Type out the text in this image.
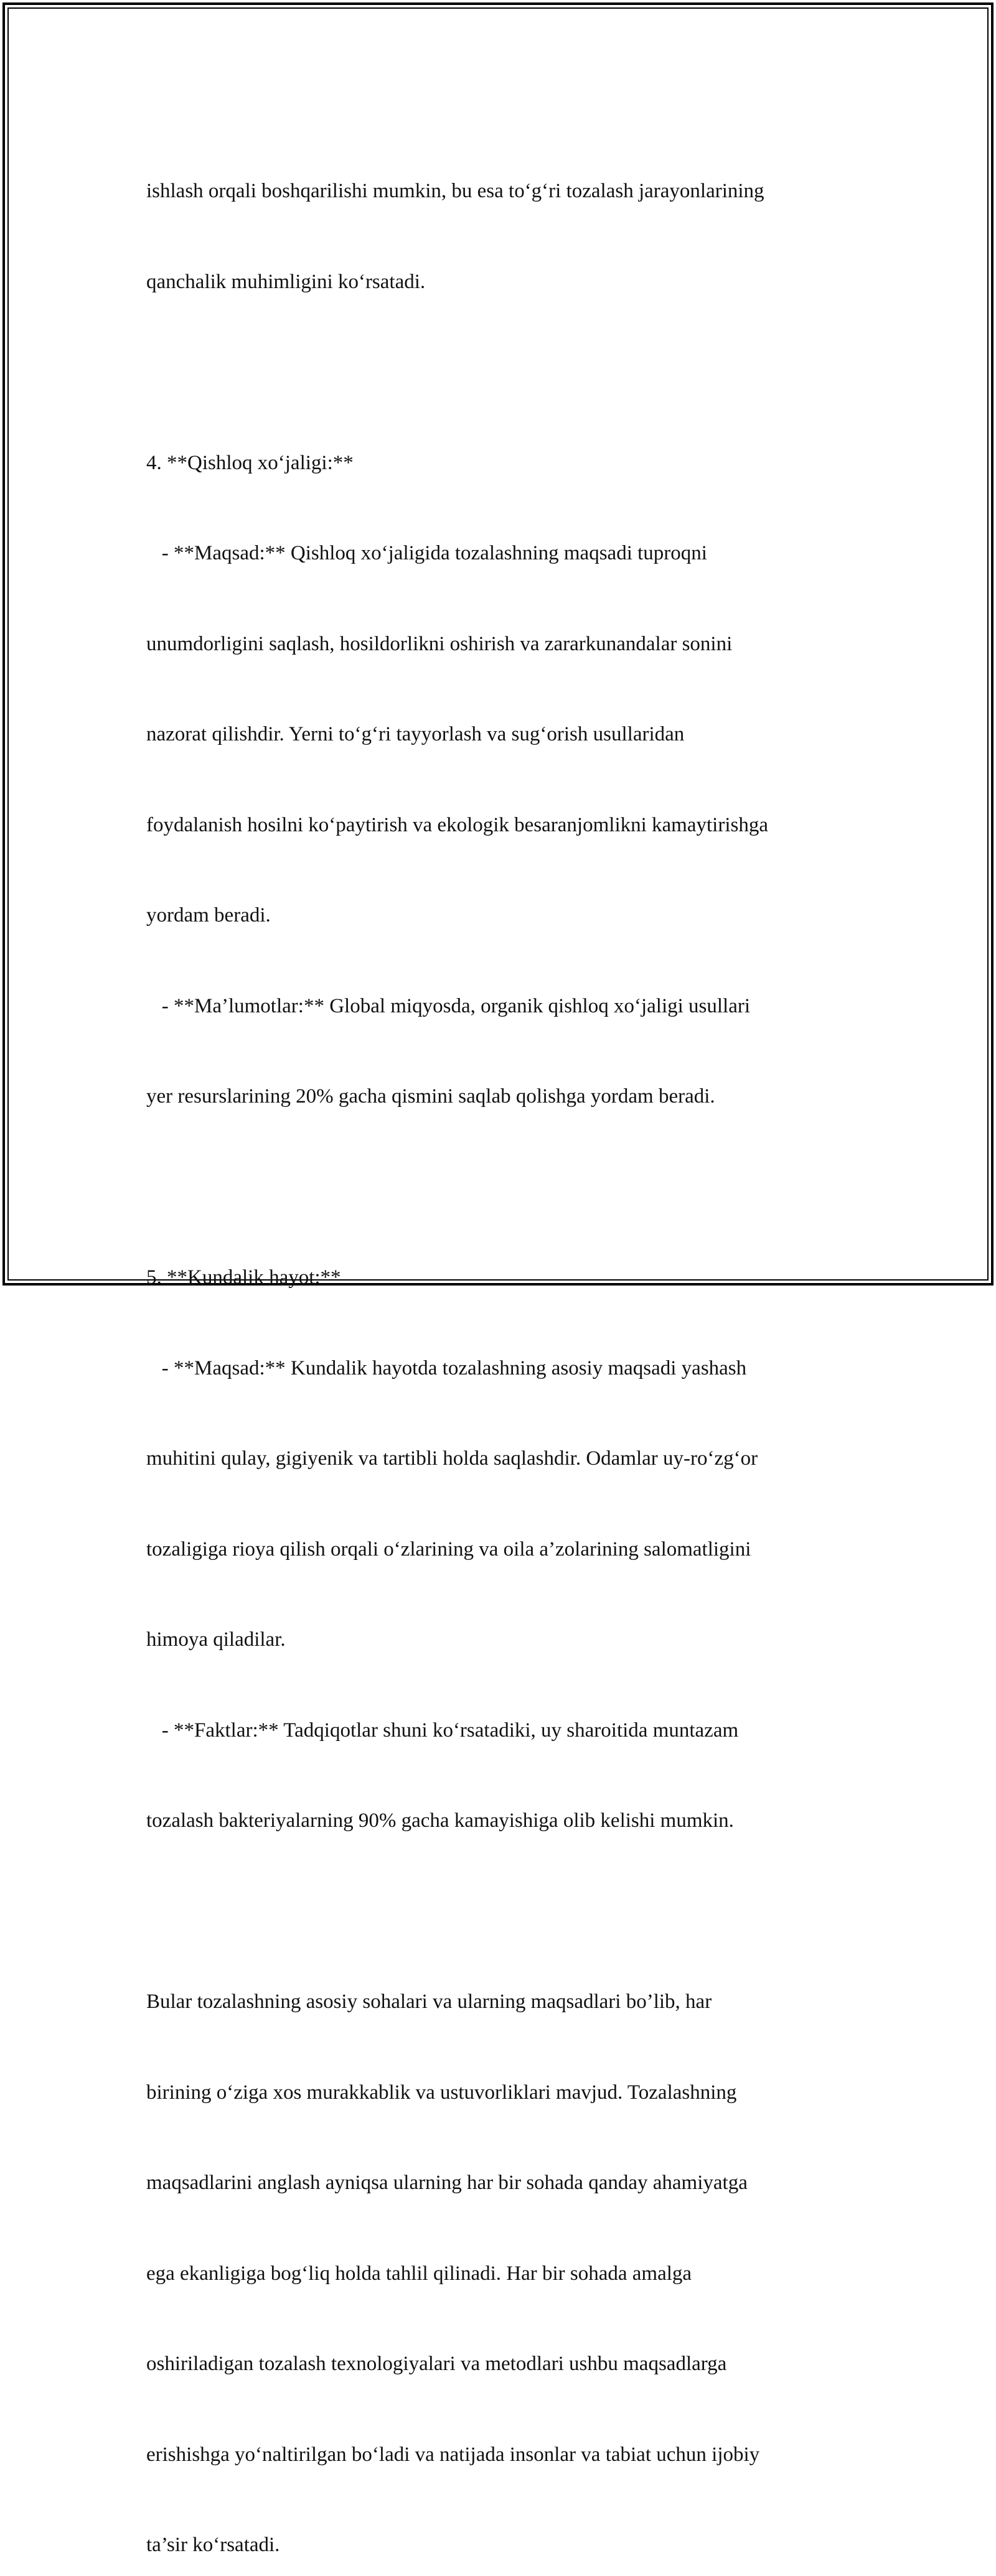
ishlash orqali boshqarilishi mumkin, bu esa to‘g‘ri tozalash jarayonlarining

qanchalik muhimligini ko‘rsatadi.

4. **Qishloq xo‘jaligi:**

- **Maqsad:** Qishloq xo‘jaligida tozalashning maqsadi tuproqni

unumdorligini saqlash, hosildorlikni oshirish va zararkunandalar sonini

nazorat qilishdir. Yerni to‘g‘ri tayyorlash va sug‘orish usullaridan

foydalanish hosilni ko‘paytirish va ekologik besaranjomlikni kamaytirishga

yordam beradi.

- **Ma’lumotlar:** Global miqyosda, organik qishloq xo‘jaligi usullari

yer resurslarining 20% gacha qismini saqlab qolishga yordam beradi.

5. **Kundalik hayot:**

- **Maqsad:** Kundalik hayotda tozalashning asosiy maqsadi yashash

muhitini qulay, gigiyenik va tartibli holda saqlashdir. Odamlar uy-ro‘zg‘or

tozaligiga rioya qilish orqali o‘zlarining va oila a’zolarining salomatligini

himoya qiladilar.

- **Faktlar:** Tadqiqotlar shuni ko‘rsatadiki, uy sharoitida muntazam

tozalash bakteriyalarning 90% gacha kamayishiga olib kelishi mumkin.

Bular tozalashning asosiy sohalari va ularning maqsadlari bo’lib, har

birining o‘ziga xos murakkablik va ustuvorliklari mavjud. Tozalashning

maqsadlarini anglash ayniqsa ularning har bir sohada qanday ahamiyatga

ega ekanligiga bog‘liq holda tahlil qilinadi. Har bir sohada amalga

oshiriladigan tozalash texnologiyalari va metodlari ushbu maqsadlarga

erishishga yo‘naltirilgan bo‘ladi va natijada insonlar va tabiat uchun ijobiy

ta’sir ko‘rsatadi.
